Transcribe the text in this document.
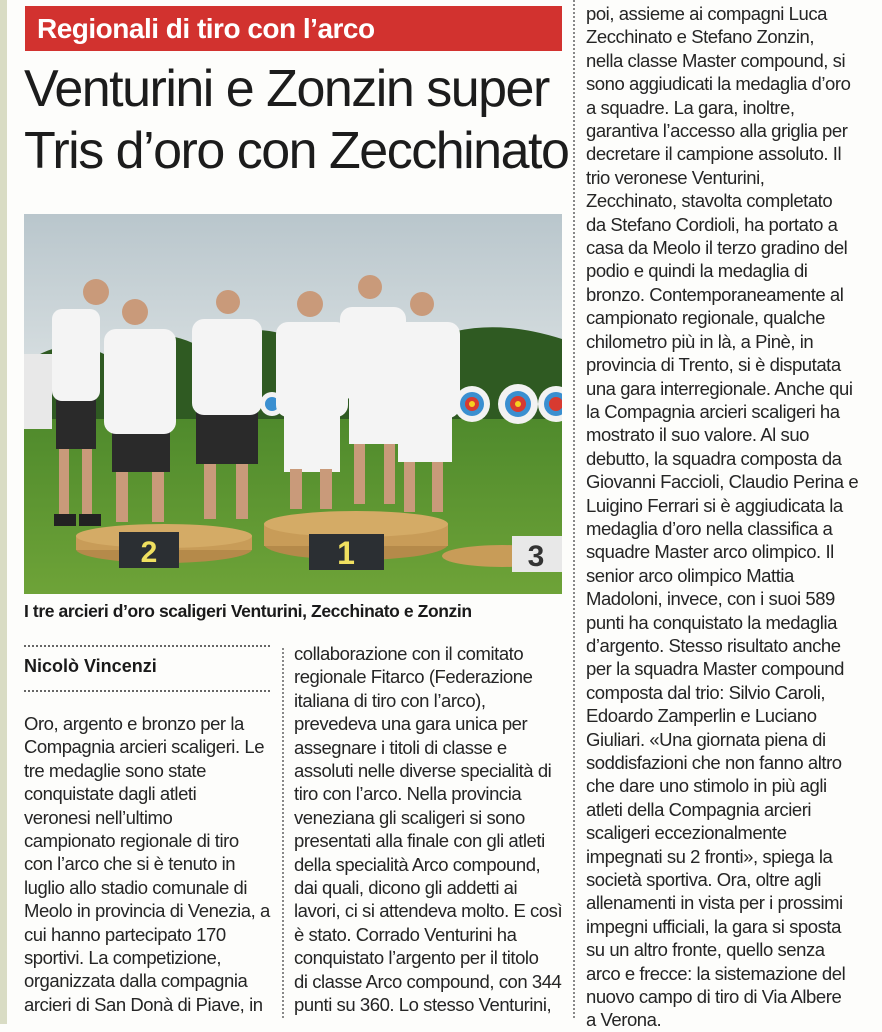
Regionali di tiro con l’arco
Venturini e Zonzin super
Tris d’oro con Zecchinato
2	1	3
I tre arcieri d’oro scaligeri Venturini, Zecchinato e Zonzin
Nicolò Vincenzi

Oro, argento e bronzo per la

Compagnia arcieri scaligeri. Le

tre medaglie sono state

conquistate dagli atleti

veronesi nell’ultimo

campionato regionale di tiro

con l’arco che si è tenuto in

luglio allo stadio comunale di

Meolo in provincia di Venezia, a

cui hanno partecipato 170

sportivi. La competizione,

organizzata dalla compagnia

arcieri di San Donà di Piave, in

collaborazione con il comitato

regionale Fitarco (Federazione

italiana di tiro con l’arco),

prevedeva una gara unica per

assegnare i titoli di classe e

assoluti nelle diverse specialità di

tiro con l’arco. Nella provincia

veneziana gli scaligeri si sono

presentati alla finale con gli atleti

della specialità Arco compound,

dai quali, dicono gli addetti ai

lavori, ci si attendeva molto. E così

è stato. Corrado Venturini ha

conquistato l’argento per il titolo

di classe Arco compound, con 344

punti su 360. Lo stesso Venturini,

poi, assieme ai compagni Luca

Zecchinato e Stefano Zonzin,

nella classe Master compound, si

sono aggiudicati la medaglia d’oro

a squadre. La gara, inoltre,

garantiva l’accesso alla griglia per

decretare il campione assoluto. Il

trio veronese Venturini,

Zecchinato, stavolta completato

da Stefano Cordioli, ha portato a

casa da Meolo il terzo gradino del

podio e quindi la medaglia di

bronzo. Contemporaneamente al

campionato regionale, qualche

chilometro più in là, a Pinè, in

provincia di Trento, si è disputata

una gara interregionale. Anche qui

la Compagnia arcieri scaligeri ha

mostrato il suo valore. Al suo

debutto, la squadra composta da

Giovanni Faccioli, Claudio Perina e

Luigino Ferrari si è aggiudicata la

medaglia d’oro nella classifica a

squadre Master arco olimpico. Il

senior arco olimpico Mattia

Madoloni, invece, con i suoi 589

punti ha conquistato la medaglia

d’argento. Stesso risultato anche

per la squadra Master compound

composta dal trio: Silvio Caroli,

Edoardo Zamperlin e Luciano

Giuliari. «Una giornata piena di

soddisfazioni che non fanno altro

che dare uno stimolo in più agli

atleti della Compagnia arcieri

scaligeri eccezionalmente

impegnati su 2 fronti», spiega la

società sportiva. Ora, oltre agli

allenamenti in vista per i prossimi

impegni ufficiali, la gara si sposta

su un altro fronte, quello senza

arco e frecce: la sistemazione del

nuovo campo di tiro di Via Albere

a Verona.
